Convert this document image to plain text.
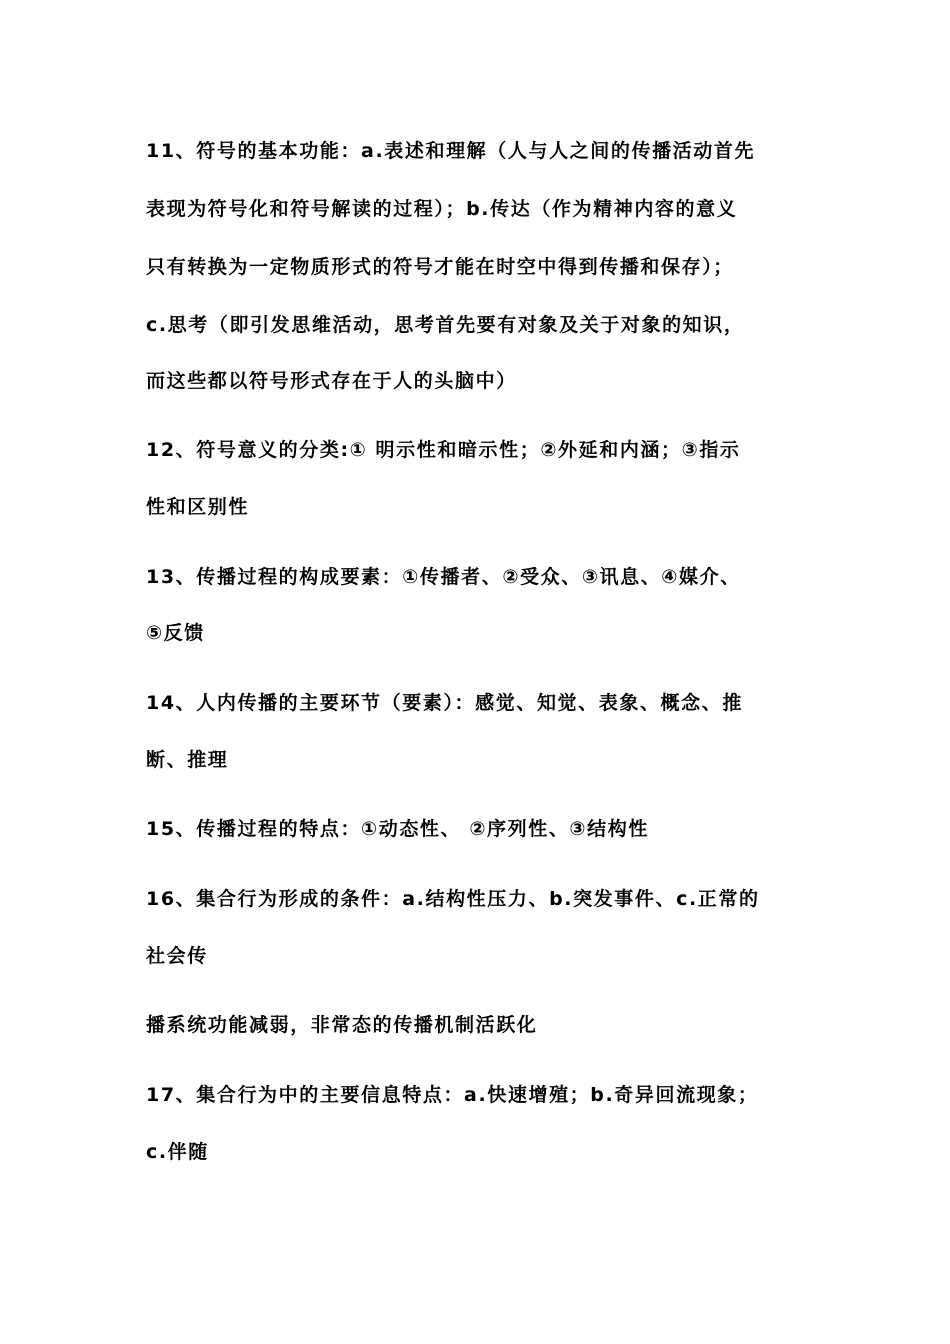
11、符号的基本功能：a.表述和理解（人与人之间的传播活动首先
表现为符号化和符号解读的过程）；b.传达（作为精神内容的意义
只有转换为一定物质形式的符号才能在时空中得到传播和保存）；
c.思考（即引发思维活动，思考首先要有对象及关于对象的知识，
而这些都以符号形式存在于人的头脑中）
12、符号意义的分类:① 明示性和暗示性；②外延和内涵；③指示
性和区别性
13、传播过程的构成要素：①传播者、②受众、③讯息、④媒介、
⑤反馈
14、人内传播的主要环节（要素）：感觉、知觉、表象、概念、推
断、推理
15、传播过程的特点：①动态性、 ②序列性、③结构性
16、集合行为形成的条件：a.结构性压力、b.突发事件、c.正常的
社会传
播系统功能减弱，非常态的传播机制活跃化
17、集合行为中的主要信息特点：a.快速增殖；b.奇异回流现象；
c.伴随
